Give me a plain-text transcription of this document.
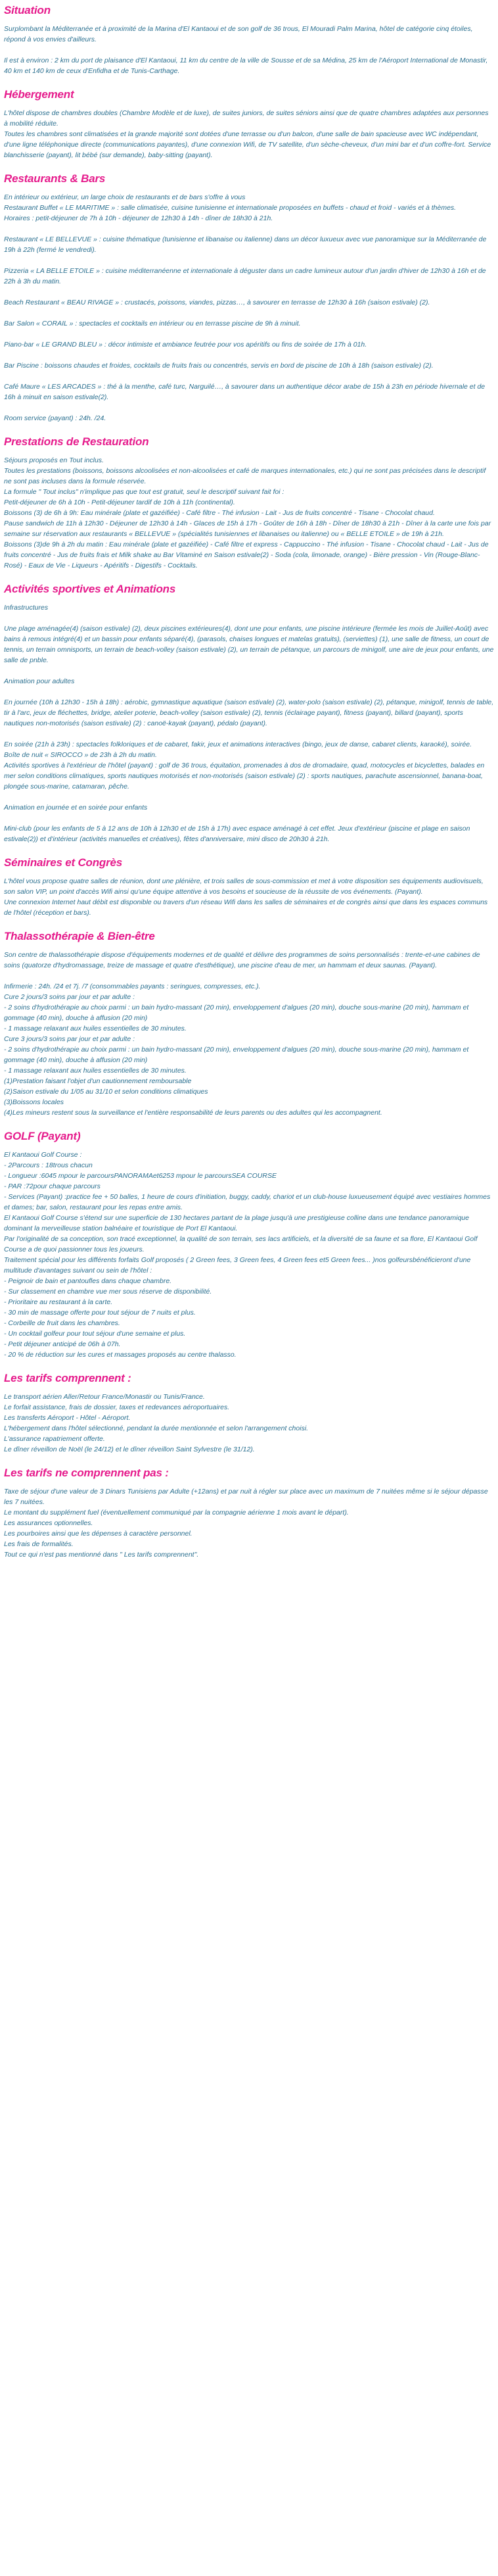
Situation
Surplombant la Méditerranée et à proximité de la Marina d'El Kantaoui et de son golf de 36 trous, El Mouradi Palm Marina, hôtel de catégorie cinq étoiles, répond à vos envies d'ailleurs.
Il est à environ : 2 km du port de plaisance d'El Kantaoui, 11 km du centre de la ville de Sousse et de sa Médina, 25 km de l'Aéroport International de Monastir, 40 km et 140 km de ceux d'Enfidha et de Tunis-Carthage.
Hébergement
L'hôtel dispose de chambres doubles (Chambre Modèle et de luxe), de suites juniors, de suites séniors ainsi que de quatre chambres adaptées aux personnes à mobilité réduite.
Toutes les chambres sont climatisées et la grande majorité sont dotées d'une terrasse ou d'un balcon, d'une salle de bain spacieuse avec WC indépendant, d'une ligne téléphonique directe (communications payantes), d'une connexion Wifi, de TV satellite, d'un sèche-cheveux, d'un mini bar et d'un coffre-fort. Service blanchisserie (payant), lit bébé (sur demande), baby-sitting (payant).
Restaurants & Bars
En intérieur ou extérieur, un large choix de restaurants et de bars s'offre à vous
Restaurant Buffet « LE MARITIME » : salle climatisée, cuisine tunisienne et internationale proposées en buffets - chaud et froid - variés et à thèmes.
Horaires : petit-déjeuner de 7h à 10h - déjeuner de 12h30 à 14h - dîner de 18h30 à 21h.
Restaurant « LE BELLEVUE » : cuisine thématique (tunisienne et libanaise ou italienne) dans un décor luxueux avec vue panoramique sur la Méditerranée de 19h à 22h (fermé le vendredi).
Pizzeria « LA BELLE ETOILE » : cuisine méditerranéenne et internationale à déguster dans un cadre lumineux autour d'un jardin d'hiver de 12h30 à 16h et de 22h à 3h du matin.
Beach Restaurant « BEAU RIVAGE » : crustacés, poissons, viandes, pizzas…, à savourer en terrasse de 12h30 à 16h (saison estivale) (2).
Bar Salon « CORAIL » : spectacles et cocktails en intérieur ou en terrasse piscine de 9h à minuit.
Piano-bar « LE GRAND BLEU » : décor intimiste et ambiance feutrée pour vos apéritifs ou fins de soirée de 17h à 01h.
Bar Piscine : boissons chaudes et froides, cocktails de fruits frais ou concentrés, servis en bord de piscine de 10h à 18h (saison estivale) (2).
Café Maure « LES ARCADES » : thé à la menthe, café turc, Narguilé…, à savourer dans un authentique décor arabe de 15h à 23h en période hivernale et de 16h à minuit en saison estivale(2).
Room service (payant) : 24h. /24.
Prestations de Restauration
Séjours proposés en Tout inclus.
Toutes les prestations (boissons, boissons alcoolisées et non-alcoolisées et café de marques internationales, etc.) qui ne sont pas précisées dans le descriptif ne sont pas incluses dans la formule réservée.
La formule " Tout inclus" n'implique pas que tout est gratuit, seul le descriptif suivant fait foi :
Petit-déjeuner de 6h à 10h - Petit-déjeuner tardif de 10h à 11h (continental).
Boissons (3) de 6h à 9h: Eau minérale (plate et gazéifiée) - Café filtre - Thé infusion - Lait - Jus de fruits concentré - Tisane - Chocolat chaud.
Pause sandwich de 11h à 12h30 - Déjeuner de 12h30 à 14h - Glaces de 15h à 17h - Goûter de 16h à 18h - Dîner de 18h30 à 21h - Dîner à la carte une fois par semaine sur réservation aux restaurants « BELLEVUE » (spécialités tunisiennes et libanaises ou italienne) ou « BELLE ETOILE » de 19h à 21h.
Boissons (3)de 9h à 2h du matin : Eau minérale (plate et gazéifiée) - Café filtre et express - Cappuccino - Thé infusion - Tisane - Chocolat chaud - Lait - Jus de fruits concentré - Jus de fruits frais et Milk shake au Bar Vitaminé en Saison estivale(2) - Soda (cola, limonade, orange) - Bière pression - Vin (Rouge-Blanc-Rosé) - Eaux de Vie - Liqueurs - Apéritifs - Digestifs - Cocktails.
Activités sportives et Animations
Infrastructures
Une plage aménagée(4) (saison estivale) (2), deux piscines extérieures(4), dont une pour enfants, une piscine intérieure (fermée les mois de Juillet-Août) avec bains à remous intégré(4) et un bassin pour enfants séparé(4), (parasols, chaises longues et matelas gratuits), (serviettes) (1), une salle de fitness, un court de tennis, un terrain omnisports, un terrain de beach-volley (saison estivale) (2), un terrain de pétanque, un parcours de minigolf, une aire de jeux pour enfants, une salle de pnble.
Animation pour adultes
En journée (10h à 12h30 - 15h à 18h) : aérobic, gymnastique aquatique (saison estivale) (2), water-polo (saison estivale) (2), pétanque, minigolf, tennis de table, tir à l'arc, jeux de fléchettes, bridge, atelier poterie, beach-volley (saison estivale) (2), tennis (éclairage payant), fitness (payant), billard (payant), sports nautiques non-motorisés (saison estivale) (2) : canoë-kayak (payant), pédalo (payant).
En soirée (21h à 23h) : spectacles folkloriques et de cabaret, fakir, jeux et animations interactives (bingo, jeux de danse, cabaret clients, karaoké), soirée.
Boîte de nuit « SIROCCO » de 23h à 2h du matin.
Activités sportives à l'extérieur de l'hôtel (payant) : golf de 36 trous, équitation, promenades à dos de dromadaire, quad, motocycles et bicyclettes, balades en mer selon conditions climatiques, sports nautiques motorisés et non-motorisés (saison estivale) (2) : sports nautiques, parachute ascensionnel, banana-boat, plongée sous-marine, catamaran, pêche.
Animation en journée et en soirée pour enfants
Mini-club (pour les enfants de 5 à 12 ans de 10h à 12h30 et de 15h à 17h) avec espace aménagé à cet effet. Jeux d'extérieur (piscine et plage en saison estivale(2)) et d'intérieur (activités manuelles et créatives), fêtes d'anniversaire, mini disco de 20h30 à 21h.
Séminaires et Congrès
L'hôtel vous propose quatre salles de réunion, dont une plénière, et trois salles de sous-commission et met à votre disposition ses équipements audiovisuels, son salon VIP, un point d'accès Wifi ainsi qu'une équipe attentive à vos besoins et soucieuse de la réussite de vos événements. (Payant).
Une connexion Internet haut débit est disponible ou travers d'un réseau Wifi dans les salles de séminaires et de congrès ainsi que dans les espaces communs de l'hôtel (réception et bars).
Thalassothérapie & Bien-être
Son centre de thalassothérapie dispose d'équipements modernes et de qualité et délivre des programmes de soins personnalisés : trente-et-une cabines de soins (quatorze d'hydromassage, treize de massage et quatre d'esthétique), une piscine d'eau de mer, un hammam et deux saunas. (Payant).
Infirmerie : 24h. /24 et 7j. /7 (consommables payants : seringues, compresses, etc.).
Cure 2 jours/3 soins par jour et par adulte :
- 2 soins d'hydrothérapie au choix parmi : un bain hydro-massant (20 min), enveloppement d'algues (20 min), douche sous-marine (20 min), hammam et gommage (40 min), douche à affusion (20 min)
- 1 massage relaxant aux huiles essentielles de 30 minutes.
Cure 3 jours/3 soins par jour et par adulte :
- 2 soins d'hydrothérapie au choix parmi : un bain hydro-massant (20 min), enveloppement d'algues (20 min), douche sous-marine (20 min), hammam et gommage (40 min), douche à affusion (20 min)
- 1 massage relaxant aux huiles essentielles de 30 minutes.
(1)Prestation faisant l'objet d'un cautionnement remboursable
(2)Saison estivale du 1/05 au 31/10 et selon conditions climatiques
(3)Boissons locales
(4)Les mineurs restent sous la surveillance et l'entière responsabilité de leurs parents ou des adultes qui les accompagnent.
GOLF (Payant)
El Kantaoui Golf Course :
- 2Parcours : 18trous chacun
- Longueur :6045 mpour le parcoursPANORAMAet6253 mpour le parcoursSEA COURSE
- PAR :72pour chaque parcours
- Services (Payant) :practice fee + 50 balles, 1 heure de cours d'initiation, buggy, caddy, chariot et un club-house luxueusement équipé avec vestiaires hommes et dames; bar, salon, restaurant pour les repas entre amis.
El Kantaoui Golf Course s'étend sur une superficie de 130 hectares partant de la plage jusqu'à une prestigieuse colline dans une tendance panoramique dominant la merveilleuse station balnéaire et touristique de Port El Kantaoui.
Par l'originalité de sa conception, son tracé exceptionnel, la qualité de son terrain, ses lacs artificiels, et la diversité de sa faune et sa flore, El Kantaoui Golf Course a de quoi passionner tous les joueurs.
Traitement spécial pour les différents forfaits Golf proposés ( 2 Green fees, 3 Green fees, 4 Green fees et5 Green fees... )nos golfeursbénéficieront d'une multitude d'avantages suivant ou sein de l'hôtel :
- Peignoir de bain et pantoufles dans chaque chambre.
- Sur classement en chambre vue mer sous réserve de disponibilité.
- Prioritaire au restaurant à la carte.
- 30 min de massage offerte pour tout séjour de 7 nuits et plus.
- Corbeille de fruit dans les chambres.
- Un cocktail golfeur pour tout séjour d'une semaine et plus.
- Petit déjeuner anticipé de 06h à 07h.
- 20 % de réduction sur les cures et massages proposés au centre thalasso.
Les tarifs comprennent :
Le transport aérien Aller/Retour France/Monastir ou Tunis/France.
Le forfait assistance, frais de dossier, taxes et redevances aéroportuaires.
Les transferts Aéroport - Hôtel - Aéroport.
L'hébergement dans l'hôtel sélectionné, pendant la durée mentionnée et selon l'arrangement choisi.
L'assurance rapatriement offerte.
Le dîner réveillon de Noël (le 24/12) et le dîner réveillon Saint Sylvestre (le 31/12).
Les tarifs ne comprennent pas :
Taxe de séjour d'une valeur de 3 Dinars Tunisiens par Adulte (+12ans) et par nuit à régler sur place avec un maximum de 7 nuitées même si le séjour dépasse les 7 nuitées.
Le montant du supplément fuel (éventuellement communiqué par la compagnie aérienne 1 mois avant le départ).
Les assurances optionnelles.
Les pourboires ainsi que les dépenses à caractère personnel.
Les frais de formalités.
Tout ce qui n'est pas mentionné dans " Les tarifs comprennent".
